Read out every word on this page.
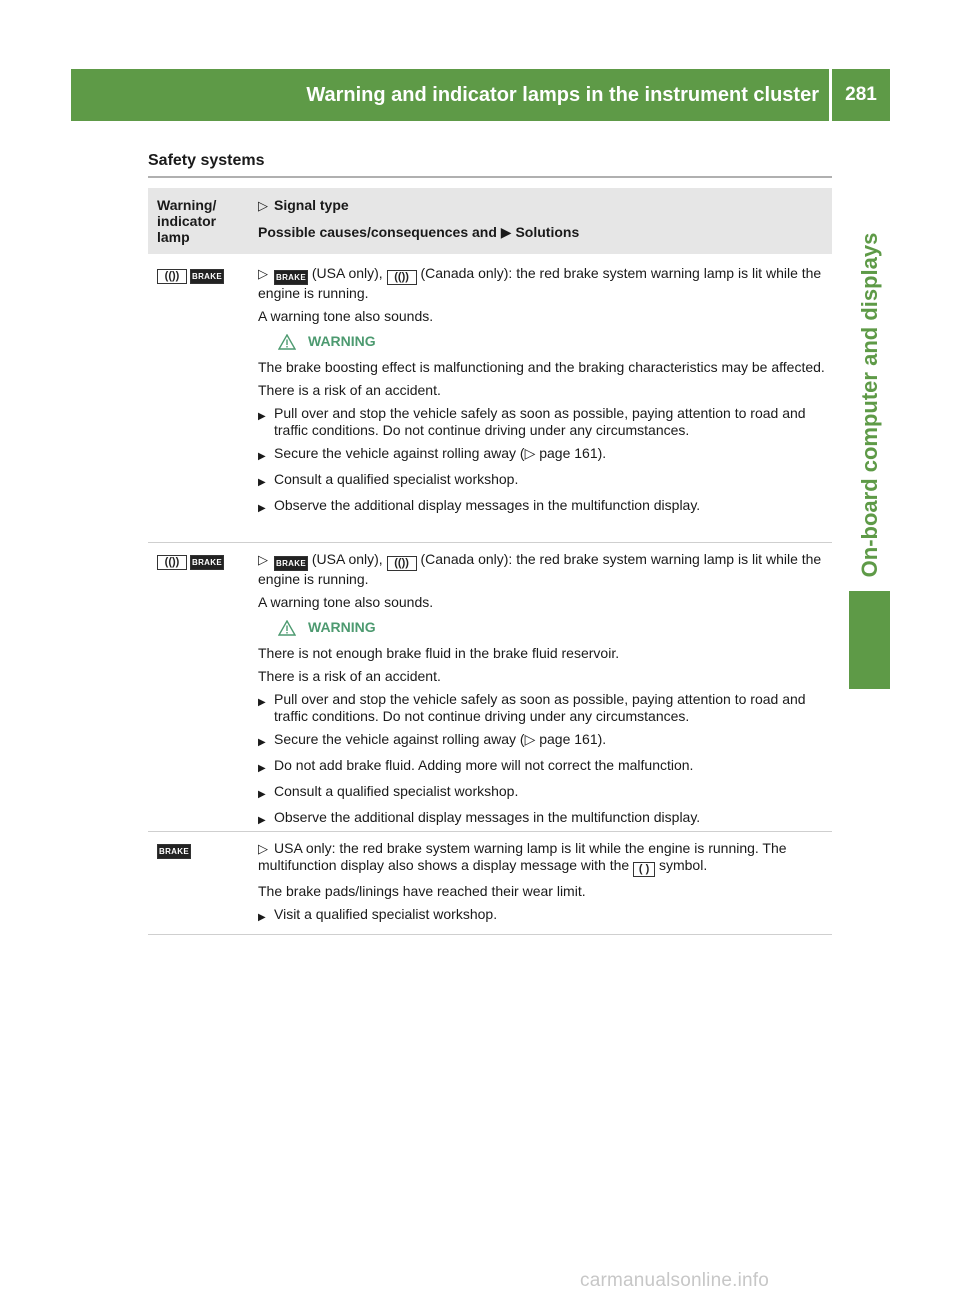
Warning and indicator lamps in the instrument cluster	281
On-board computer and displays
Safety systems
Warning/ indicator lamp
▷ Signal type
Possible causes/consequences and ▶ Solutions
(())	BRAKE	▷ BRAKE (USA only), (()) (Canada only): the red brake system warning lamp is lit while the engine is running.

A warning tone also sounds.

WARNING

The brake boosting effect is malfunctioning and the braking characteristics may be affected.

There is a risk of an accident.

▶ Pull over and stop the vehicle safely as soon as possible, paying attention to road and traffic conditions. Do not continue driving under any circumstances.
▶ Secure the vehicle against rolling away (▷ page 161).
▶ Consult a qualified specialist workshop.
▶ Observe the additional display messages in the multifunction display.
(())	BRAKE	▷ BRAKE (USA only), (()) (Canada only): the red brake system warning lamp is lit while the engine is running.

A warning tone also sounds.

WARNING

There is not enough brake fluid in the brake fluid reservoir.

There is a risk of an accident.

▶ Pull over and stop the vehicle safely as soon as possible, paying attention to road and traffic conditions. Do not continue driving under any circumstances.
▶ Secure the vehicle against rolling away (▷ page 161).
▶ Do not add brake fluid. Adding more will not correct the malfunction.
▶ Consult a qualified specialist workshop.
▶ Observe the additional display messages in the multifunction display.
BRAKE	▷ USA only: the red brake system warning lamp is lit while the engine is running. The multifunction display also shows a display message with the ( ) symbol.

The brake pads/linings have reached their wear limit.

▶ Visit a qualified specialist workshop.
carmanualsonline.info
